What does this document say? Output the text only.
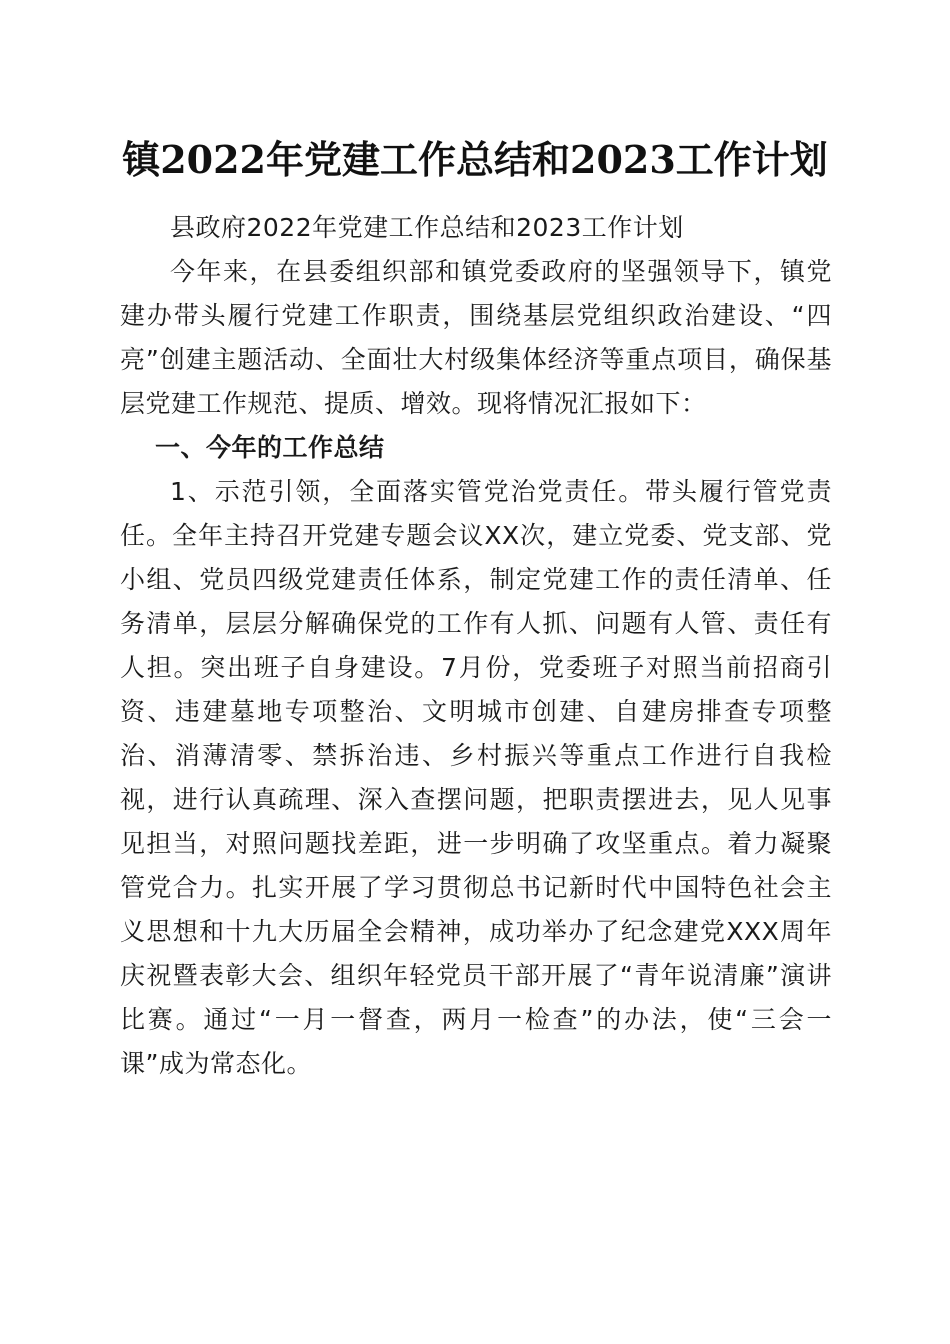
镇2022年党建工作总结和2023工作计划

县政府2022年党建工作总结和2023工作计划

今年来，在县委组织部和镇党委政府的坚强领导下，镇党建办带头履行党建工作职责，围绕基层党组织政治建设、“四亮”创建主题活动、全面壮大村级集体经济等重点项目，确保基层党建工作规范、提质、增效。现将情况汇报如下：

一、今年的工作总结

1、示范引领，全面落实管党治党责任。带头履行管党责任。全年主持召开党建专题会议XX次，建立党委、党支部、党小组、党员四级党建责任体系，制定党建工作的责任清单、任务清单，层层分解确保党的工作有人抓、问题有人管、责任有人担。突出班子自身建设。7月份，党委班子对照当前招商引资、违建墓地专项整治、文明城市创建、自建房排查专项整治、消薄清零、禁拆治违、乡村振兴等重点工作进行自我检视，进行认真疏理、深入查摆问题，把职责摆进去，见人见事见担当，对照问题找差距，进一步明确了攻坚重点。着力凝聚管党合力。扎实开展了学习贯彻总书记新时代中国特色社会主义思想和十九大历届全会精神，成功举办了纪念建党XXX周年庆祝暨表彰大会、组织年轻党员干部开展了“青年说清廉”演讲比赛。通过“一月一督查，两月一检查”的办法，使“三会一课”成为常态化。
